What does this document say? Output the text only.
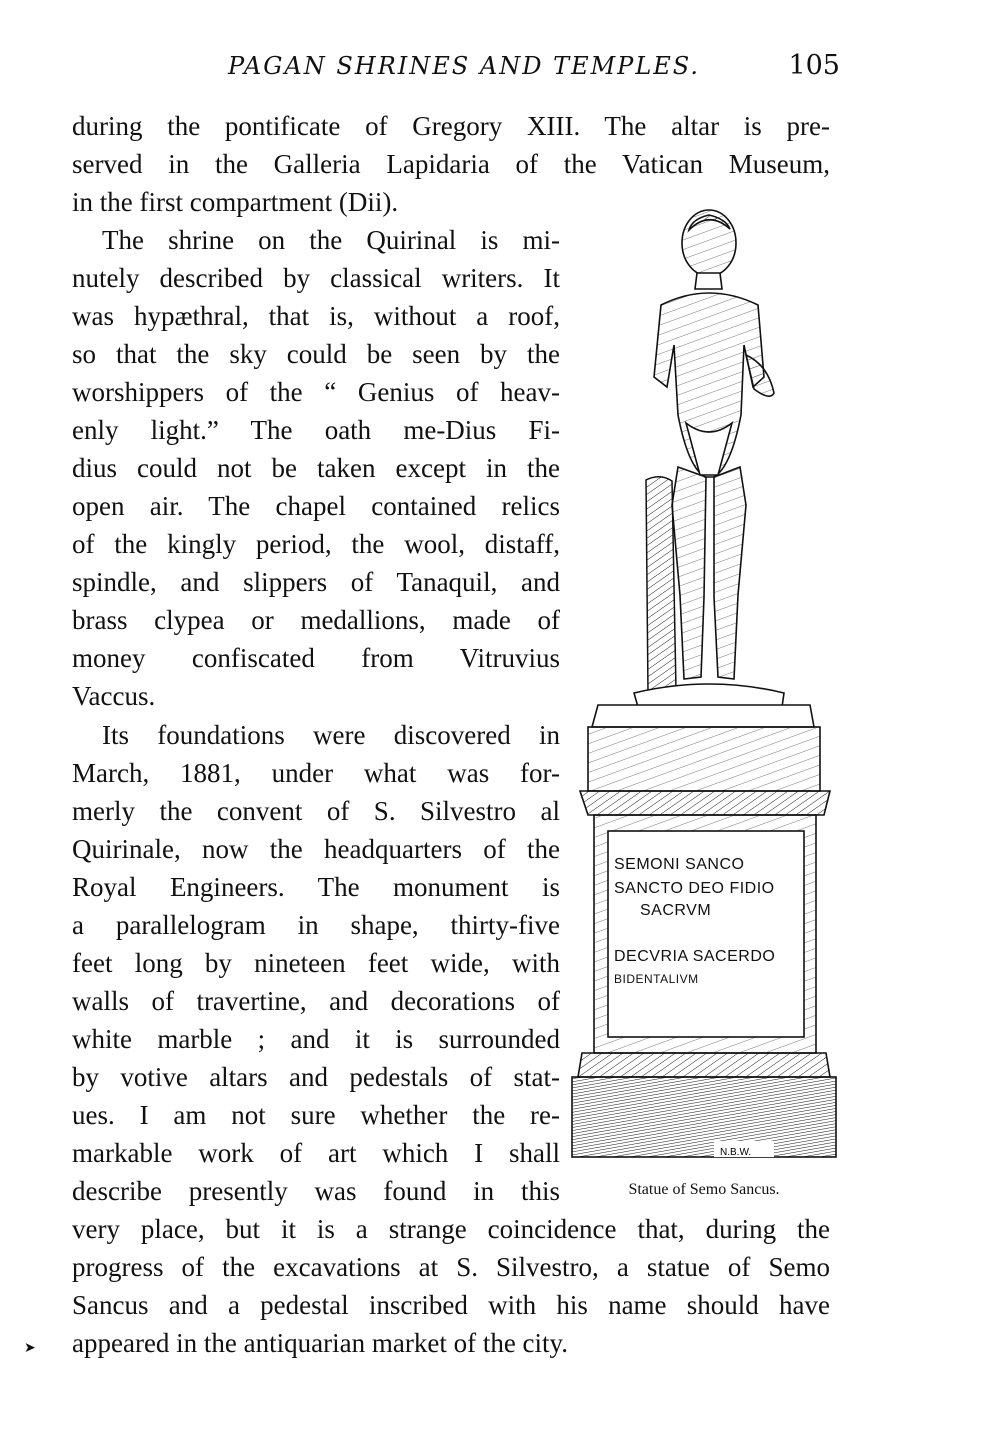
PAGAN SHRINES AND TEMPLES.	105
during the pontificate of Gregory XIII. The altar is pre-
served in the Galleria Lapidaria of the Vatican Museum,
in the first compartment (Dii).
The shrine on the Quirinal is mi-
nutely described by classical writers. It
was hypæthral, that is, without a roof,
so that the sky could be seen by the
worshippers of the “ Genius of heav-
enly light.” The oath me-Dius Fi-
dius could not be taken except in the
open air. The chapel contained relics
of the kingly period, the wool, distaff,
spindle, and slippers of Tanaquil, and
brass clypea or medallions, made of
money confiscated from Vitruvius
Vaccus.
Its foundations were discovered in
March, 1881, under what was for-
merly the convent of S. Silvestro al
Quirinale, now the headquarters of the
Royal Engineers. The monument is
a parallelogram in shape, thirty-five
feet long by nineteen feet wide, with
walls of travertine, and decorations of
white marble ; and it is surrounded
by votive altars and pedestals of stat-
ues. I am not sure whether the re-
markable work of art which I shall
describe presently was found in this
very place, but it is a strange coincidence that, during the
progress of the excavations at S. Silvestro, a statue of Semo
Sancus and a pedestal inscribed with his name should have
appeared in the antiquarian market of the city.
SEMONI SANCO
SANCTO DEO FIDIO
SACRVM
DECVRIA SACERDO
BIDENTALIVM
N.B.W.
Statue of Semo Sancus.
➤
